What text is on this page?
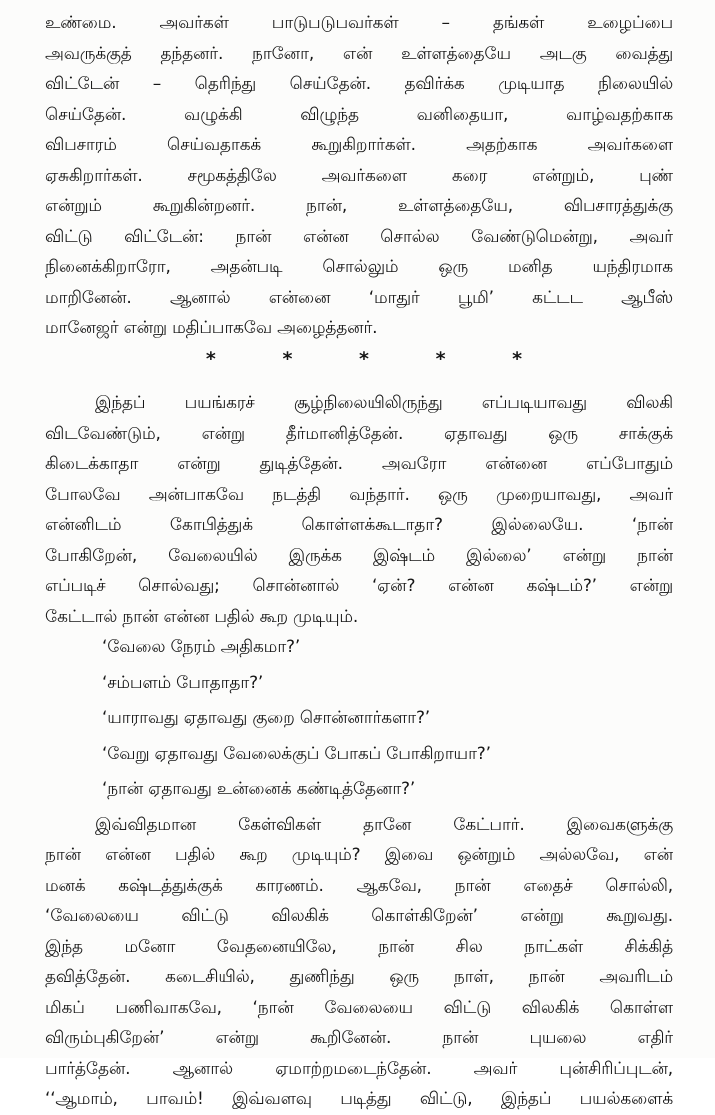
உண்மை. அவர்கள் பாடுபடுபவர்கள் – தங்கள் உழைப்பை
அவருக்குத் தந்தனர். நானோ, என் உள்ளத்தையே அடகு வைத்து
விட்டேன் – தெரிந்து செய்தேன். தவிர்க்க முடியாத நிலையில்
செய்தேன். வழுக்கி விழுந்த வனிதையா, வாழ்வதற்காக
விபசாரம் செய்வதாகக் கூறுகிறார்கள். அதற்காக அவர்களை
ஏசுகிறார்கள். சமூகத்திலே அவர்களை கரை என்றும், புண்
என்றும் கூறுகின்றனர். நான், உள்ளத்தையே, விபசாரத்துக்கு
விட்டு விட்டேன்: நான் என்ன சொல்ல வேண்டுமென்று, அவர்
நினைக்கிறாரோ, அதன்படி சொல்லும் ஒரு மனித யந்திரமாக
மாறினேன். ஆனால் என்னை ‘மாதுர் பூமி’ கட்டட ஆபீஸ்
மானேஜர் என்று மதிப்பாகவே அழைத்தனர்.
* * * * *
இந்தப் பயங்கரச் சூழ்நிலையிலிருந்து எப்படியாவது விலகி
விடவேண்டும், என்று தீர்மானித்தேன். ஏதாவது ஒரு சாக்குக்
கிடைக்காதா என்று துடித்தேன். அவரோ என்னை எப்போதும்
போலவே அன்பாகவே நடத்தி வந்தார். ஒரு முறையாவது, அவர்
என்னிடம் கோபித்துக் கொள்ளக்கூடாதா? இல்லையே. ‘நான்
போகிறேன், வேலையில் இருக்க இஷ்டம் இல்லை’ என்று நான்
எப்படிச் சொல்வது; சொன்னால் ‘ஏன்? என்ன கஷ்டம்?’ என்று
கேட்டால் நான் என்ன பதில் கூற முடியும்.
‘வேலை நேரம் அதிகமா?’
‘சம்பளம் போதாதா?’
‘யாராவது ஏதாவது குறை சொன்னார்களா?’
‘வேறு ஏதாவது வேலைக்குப் போகப் போகிறாயா?’
‘நான் ஏதாவது உன்னைக் கண்டித்தேனா?’
இவ்விதமான கேள்விகள் தானே கேட்பார். இவைகளுக்கு
நான் என்ன பதில் கூற முடியும்? இவை ஒன்றும் அல்லவே, என்
மனக் கஷ்டத்துக்குக் காரணம். ஆகவே, நான் எதைச் சொல்லி,
‘வேலையை விட்டு விலகிக் கொள்கிறேன்’ என்று கூறுவது.
இந்த மனோ வேதனையிலே, நான் சில நாட்கள் சிக்கித்
தவித்தேன். கடைசியில், துணிந்து ஒரு நாள், நான் அவரிடம்
மிகப் பணிவாகவே, ‘நான் வேலையை விட்டு விலகிக் கொள்ள
விரும்புகிறேன்’ என்று கூறினேன். நான் புயலை எதிர்
பார்த்தேன். ஆனால் ஏமாற்றமடைந்தேன். அவர் புன்சிரிப்புடன்,
‘‘ஆமாம், பாவம்! இவ்வளவு படித்து விட்டு, இந்தப் பயல்களைக்
